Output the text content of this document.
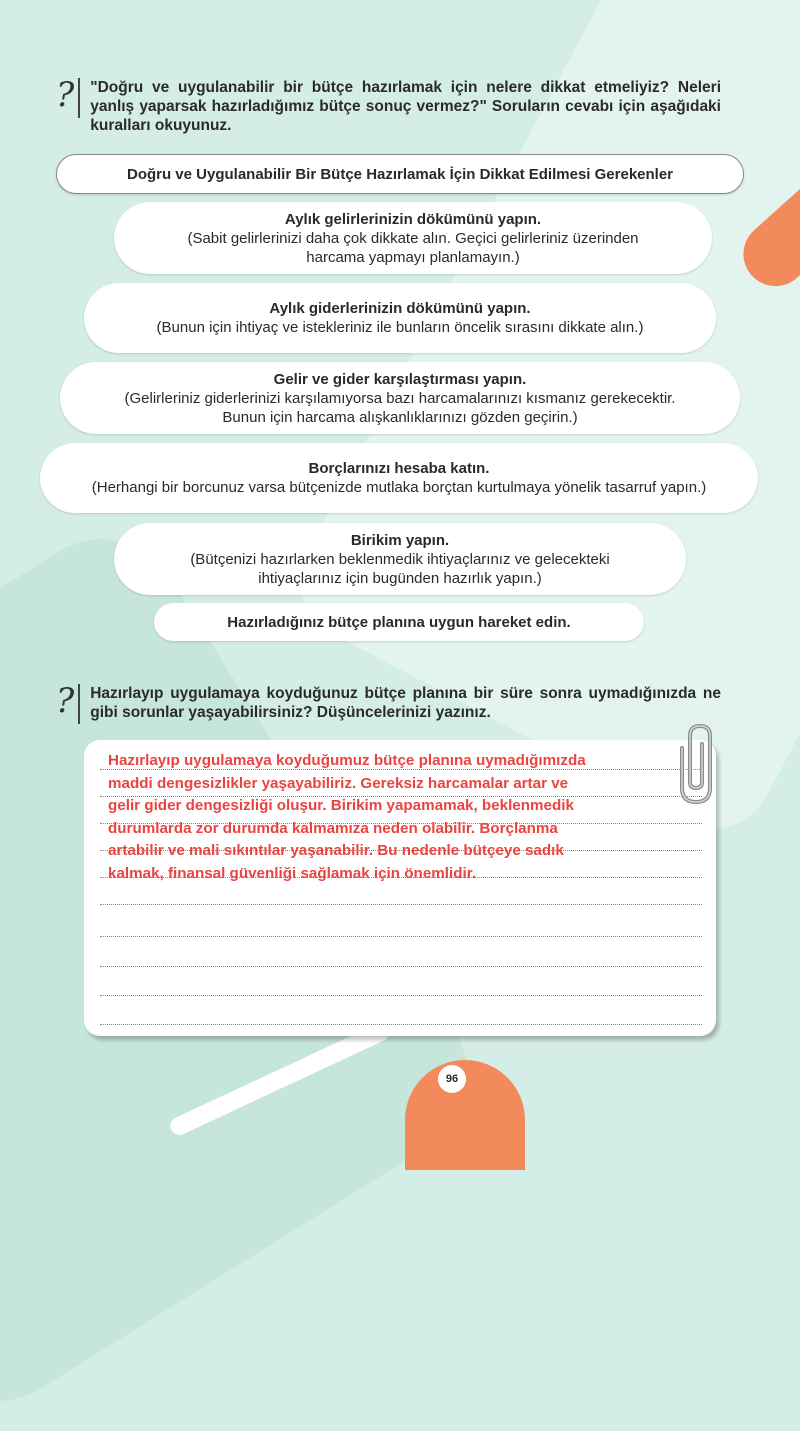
?	"Doğru ve uygulanabilir bir bütçe hazırlamak için nelere dikkat etmeliyiz? Neleri yanlış yaparsak hazırladığımız bütçe sonuç vermez?" Soruların cevabı için aşağıdaki kuralları okuyunuz.
Doğru ve Uygulanabilir Bir Bütçe Hazırlamak İçin Dikkat Edilmesi Gerekenler
Aylık gelirlerinizin dökümünü yapın.
(Sabit gelirlerinizi daha çok dikkate alın. Geçici gelirleriniz üzerinden
harcama yapmayı planlamayın.)
Aylık giderlerinizin dökümünü yapın.
(Bunun için ihtiyaç ve istekleriniz ile bunların öncelik sırasını dikkate alın.)
Gelir ve gider karşılaştırması yapın.
(Gelirleriniz giderlerinizi karşılamıyorsa bazı harcamalarınızı kısmanız gerekecektir.
Bunun için harcama alışkanlıklarınızı gözden geçirin.)
Borçlarınızı hesaba katın.
(Herhangi bir borcunuz varsa bütçenizde mutlaka borçtan kurtulmaya yönelik tasarruf yapın.)
Birikim yapın.
(Bütçenizi hazırlarken beklenmedik ihtiyaçlarınız ve gelecekteki
ihtiyaçlarınız için bugünden hazırlık yapın.)
Hazırladığınız bütçe planına uygun hareket edin.
?	Hazırlayıp uygulamaya koyduğunuz bütçe planına bir süre sonra uymadığınızda ne gibi sorunlar yaşayabilirsiniz? Düşüncelerinizi yazınız.
Hazırlayıp uygulamaya koyduğumuz bütçe planına uymadığımızda
maddi dengesizlikler yaşayabiliriz. Gereksiz harcamalar artar ve
gelir gider dengesizliği oluşur. Birikim yapamamak, beklenmedik
durumlarda zor durumda kalmamıza neden olabilir. Borçlanma
artabilir ve mali sıkıntılar yaşanabilir. Bu nedenle bütçeye sadık
kalmak, finansal güvenliği sağlamak için önemlidir.
96
